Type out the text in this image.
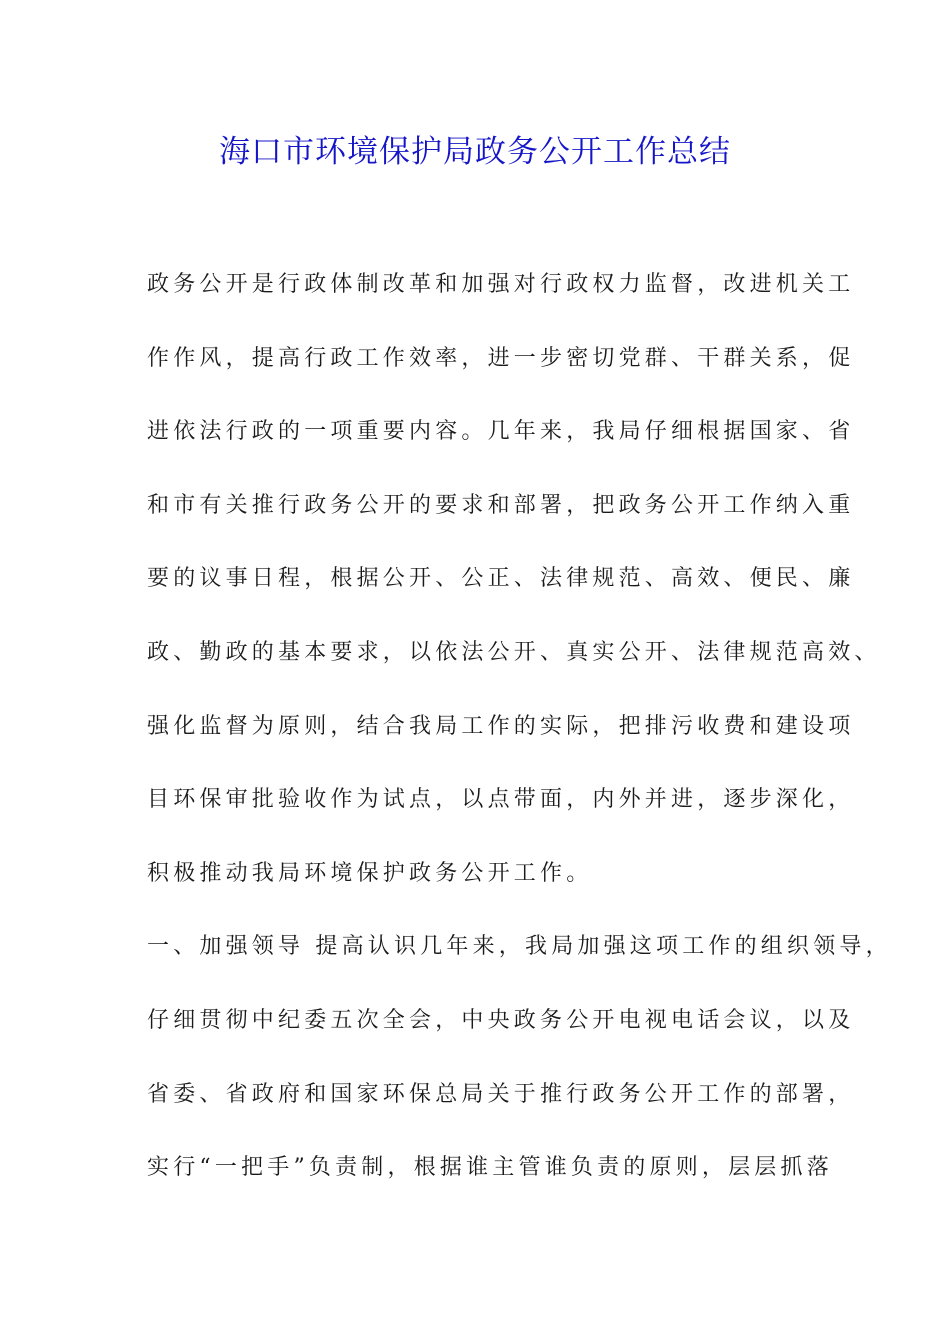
海口市环境保护局政务公开工作总结
政务公开是行政体制改革和加强对行政权力监督，改进机关工
作作风，提高行政工作效率，进一步密切党群、干群关系，促
进依法行政的一项重要内容。几年来，我局仔细根据国家、省
和市有关推行政务公开的要求和部署，把政务公开工作纳入重
要的议事日程，根据公开、公正、法律规范、高效、便民、廉
政、勤政的基本要求，以依法公开、真实公开、法律规范高效、
强化监督为原则，结合我局工作的实际，把排污收费和建设项
目环保审批验收作为试点，以点带面，内外并进，逐步深化，
积极推动我局环境保护政务公开工作。
一、加强领导 提高认识几年来，我局加强这项工作的组织领导，
仔细贯彻中纪委五次全会，中央政务公开电视电话会议，以及
省委、省政府和国家环保总局关于推行政务公开工作的部署，
实行“一把手”负责制，根据谁主管谁负责的原则，层层抓落
